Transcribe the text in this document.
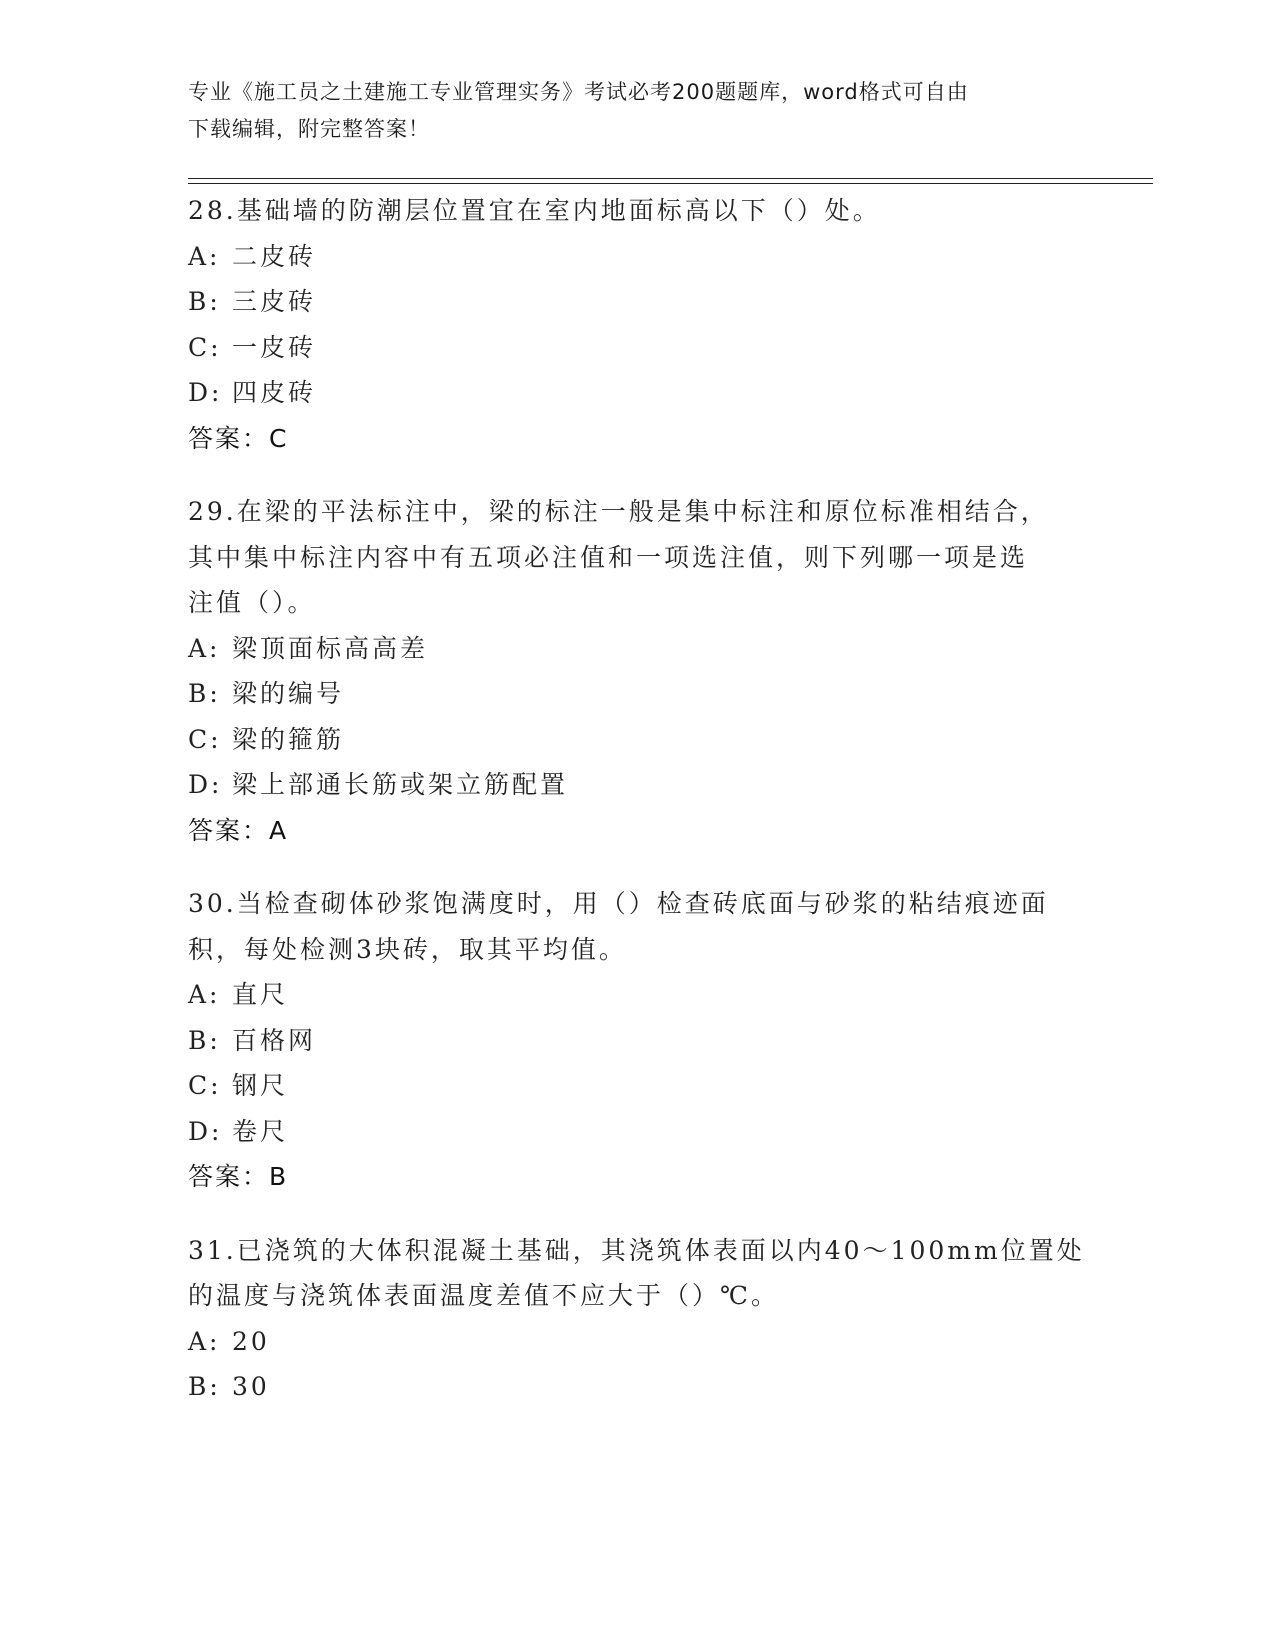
专业《施工员之土建施工专业管理实务》考试必考200题题库，word格式可自由
下载编辑，附完整答案！
28.基础墙的防潮层位置宜在室内地面标高以下（）处。
A: 二皮砖
B: 三皮砖
C: 一皮砖
D: 四皮砖
答案：C
29.在梁的平法标注中，梁的标注一般是集中标注和原位标准相结合，
其中集中标注内容中有五项必注值和一项选注值，则下列哪一项是选
注值（）。
A: 梁顶面标高高差
B: 梁的编号
C: 梁的箍筋
D: 梁上部通长筋或架立筋配置
答案：A
30.当检查砌体砂浆饱满度时，用（）检查砖底面与砂浆的粘结痕迹面
积，每处检测3块砖，取其平均值。
A: 直尺
B: 百格网
C: 钢尺
D: 卷尺
答案：B
31.已浇筑的大体积混凝土基础，其浇筑体表面以内40～100mm位置处
的温度与浇筑体表面温度差值不应大于（）℃。
A: 20
B: 30
